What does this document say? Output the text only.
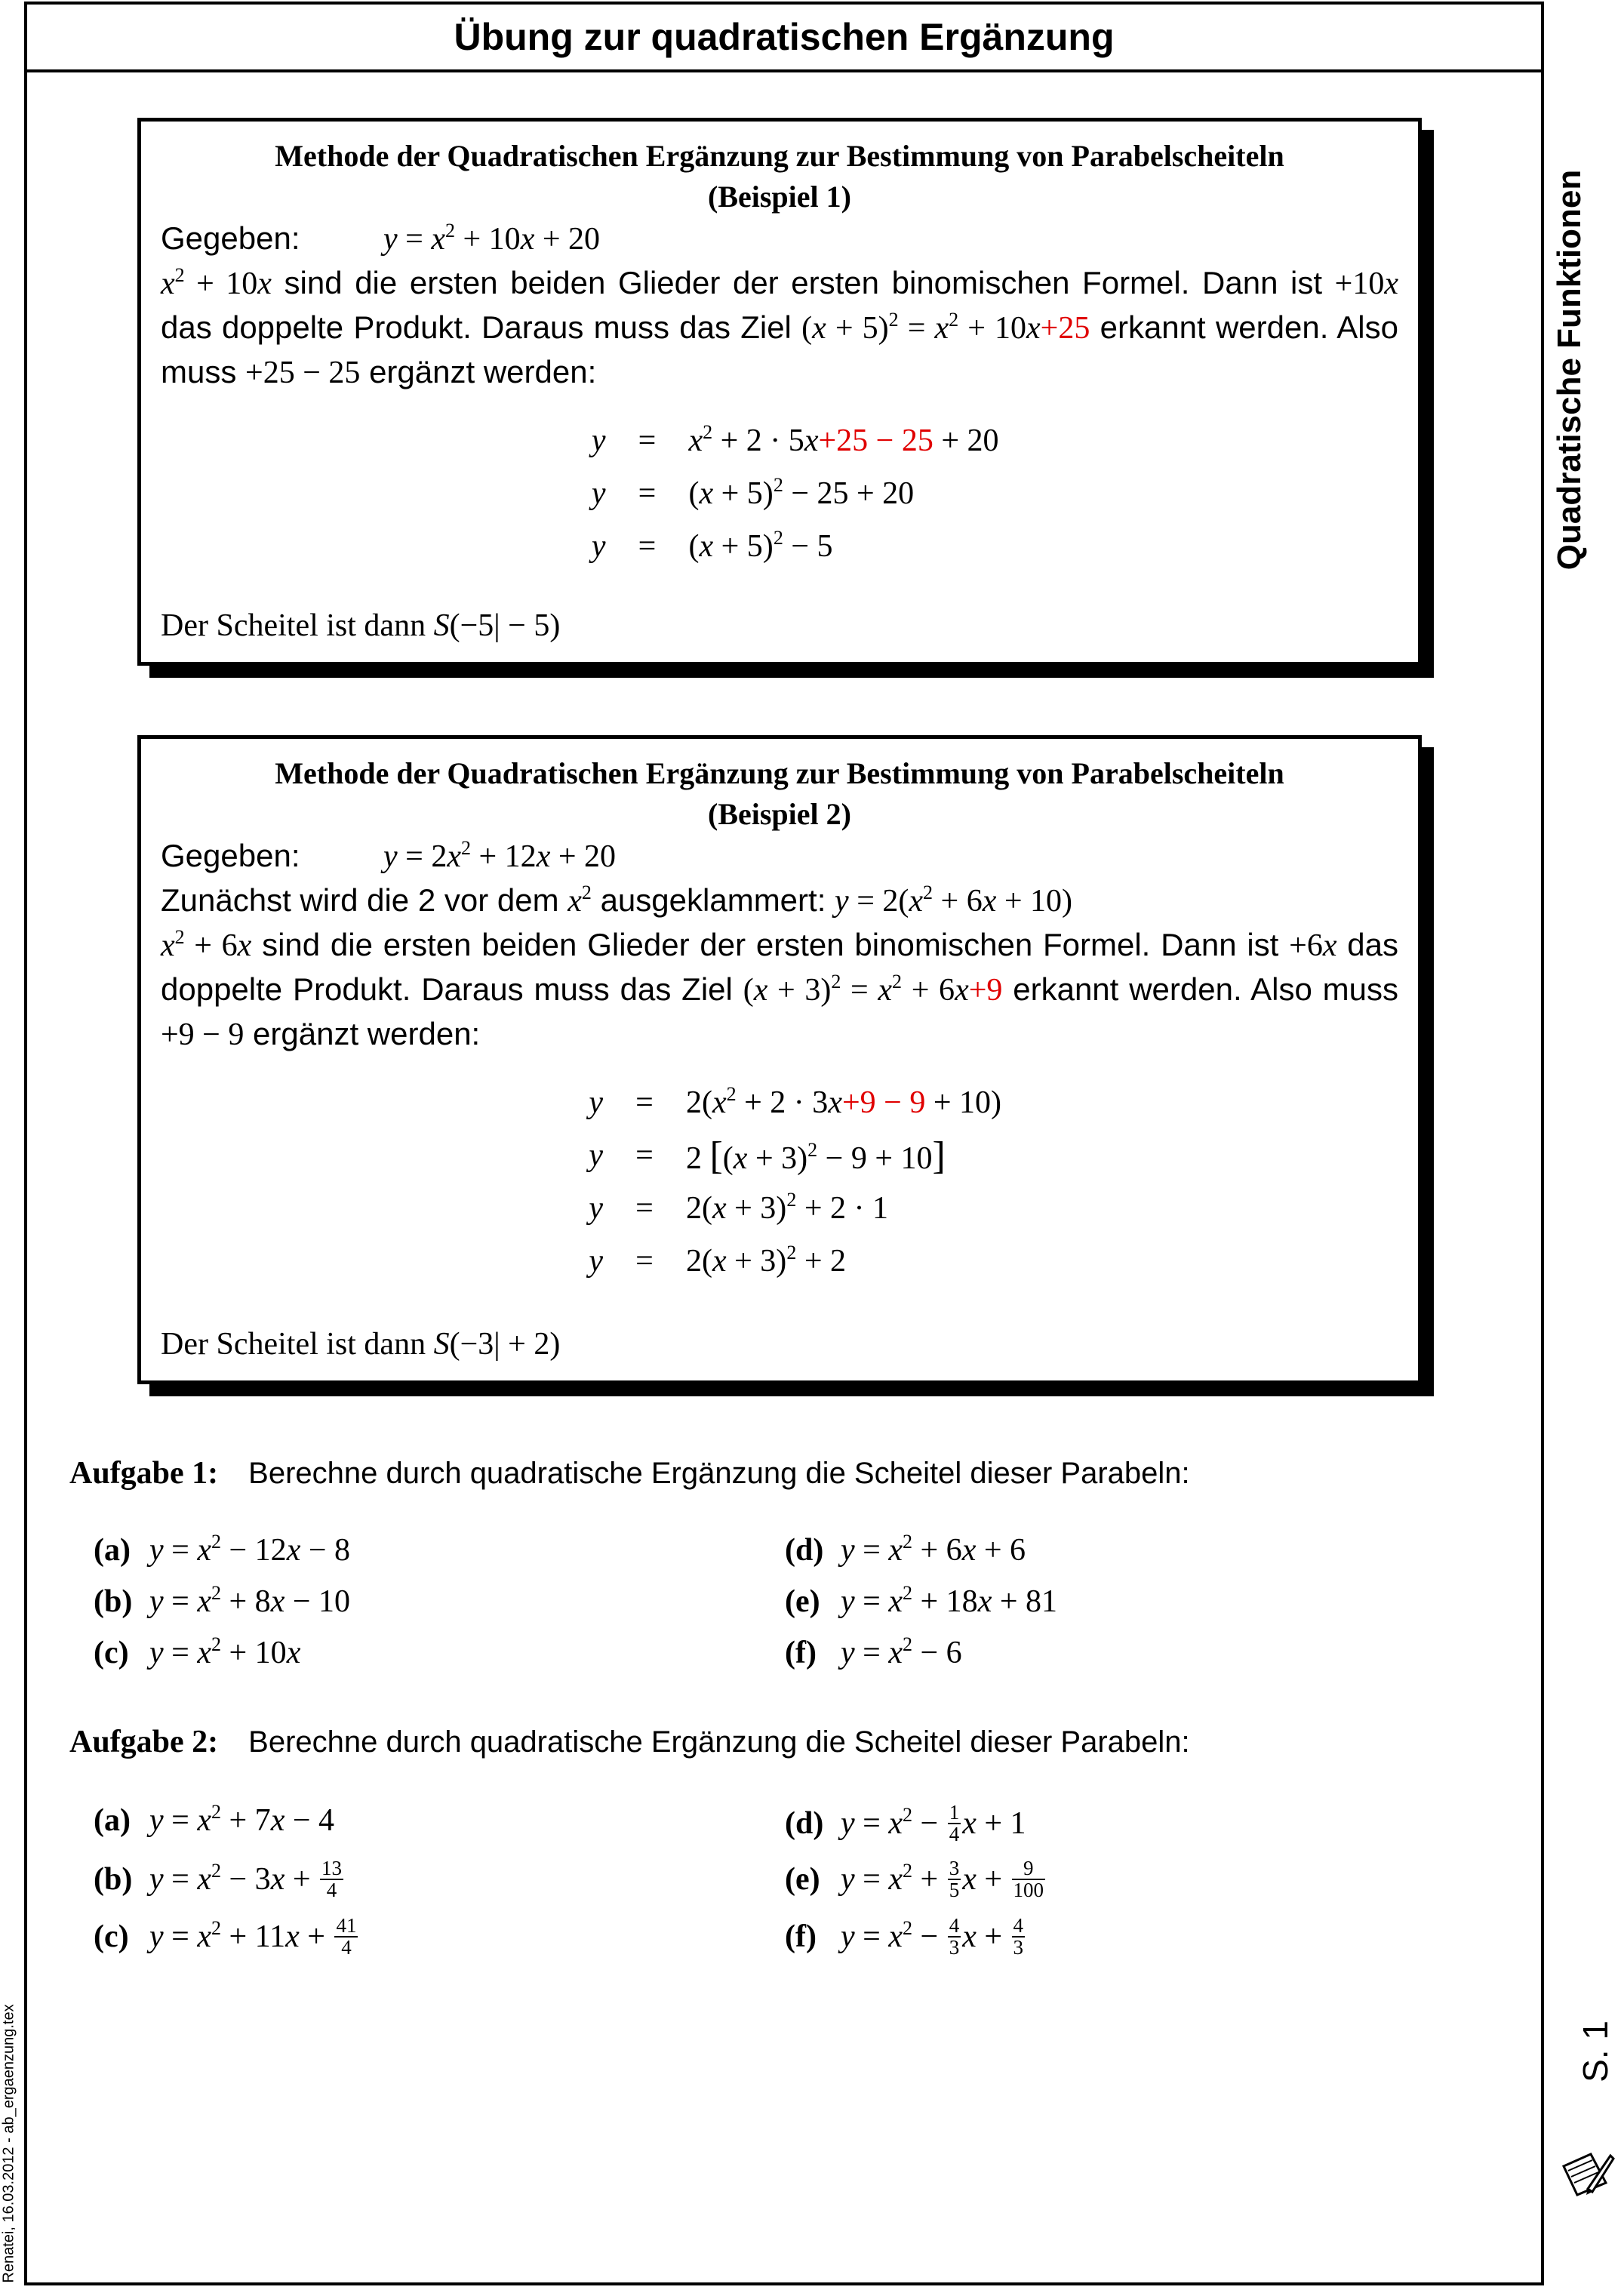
Übung zur quadratischen Ergänzung
Quadratische Funktionen
S. 1
Renatei, 16.03.2012 - ab_ergaenzung.tex
Methode der Quadratischen Ergänzung zur Bestimmung von Parabelscheiteln
(Beispiel 1)
Gegeben:	$y = x^2 + 10x + 20$
$x^2 + 10x$ sind die ersten beiden Glieder der ersten binomischen Formel. Dann ist +10x das doppelte Produkt. Daraus muss das Ziel $(x + 5)^2 = x^2 + 10x+25$ erkannt werden. Also muss +25 − 25 ergänzt werden:
y	=	$x^2 + 2 \cdot 5x+25 - 25 + 20$
y	=	$(x + 5)^2 - 25 + 20$
y	=	$(x + 5)^2 - 5$
Der Scheitel ist dann S(−5| − 5)
Methode der Quadratischen Ergänzung zur Bestimmung von Parabelscheiteln
(Beispiel 2)
Gegeben:	$y = 2x^2 + 12x + 20$
Zunächst wird die 2 vor dem $x^2$ ausgeklammert: $y = 2(x^2 + 6x + 10)$
$x^2 + 6x$ sind die ersten beiden Glieder der ersten binomischen Formel. Dann ist +6x das doppelte Produkt. Daraus muss das Ziel $(x + 3)^2 = x^2 + 6x+9$ erkannt werden. Also muss +9 − 9 ergänzt werden:
y	=	$2(x^2 + 2 \cdot 3x+9 - 9 + 10)$
y	=	2 $[(x + 3)^2 - 9 + 10]$
y	=	$2(x + 3)^2 + 2 \cdot 1$
y	=	$2(x + 3)^2 + 2$
Der Scheitel ist dann S(−3| + 2)
Aufgabe 1: Berechne durch quadratische Ergänzung die Scheitel dieser Parabeln:
(a) $y = x^2 - 12x - 8$
(b) $y = x^2 + 8x - 10$
(c) $y = x^2 + 10x$
(d) $y = x^2 + 6x + 6$
(e) $y = x^2 + 18x + 81$
(f) $y = x^2 - 6$
Aufgabe 2: Berechne durch quadratische Ergänzung die Scheitel dieser Parabeln:
(a) $y = x^2 + 7x - 4$
(b) $y = x^2 - 3x + \frac{13}{4}$
(c) $y = x^2 + 11x + \frac{41}{4}$
(d) $y = x^2 - \frac{1}{4}$ x + 1
(e) $y = x^2 + \frac{3}{5}$ $x + \frac{9}{100}$
(f) $y = x^2 - \frac{4}{3}$ $x + \frac{4}{3}$
